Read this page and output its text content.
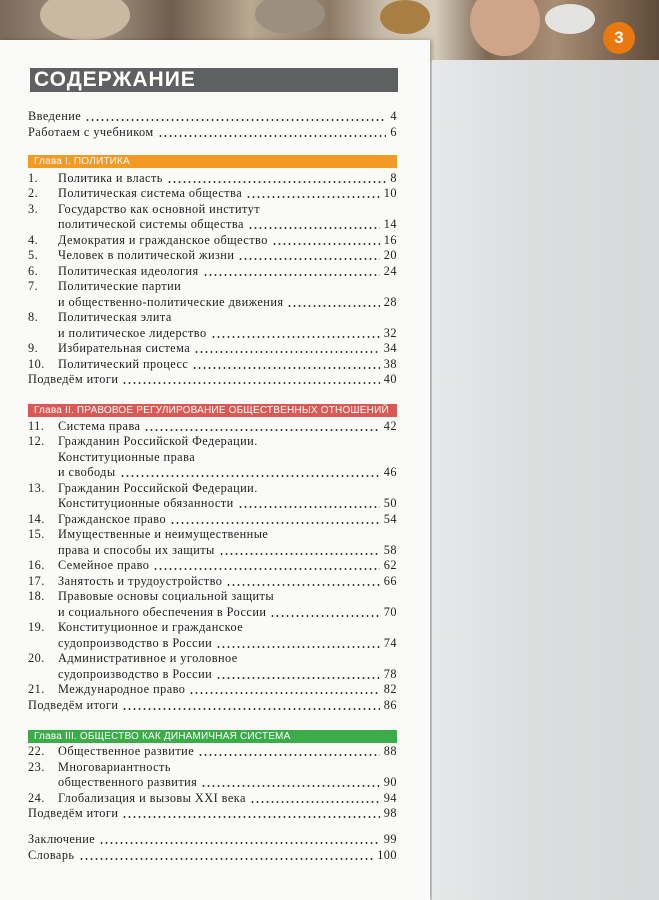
3
СОДЕРЖАНИЕ
Введение	4
Работаем с учебником	6
Глава I. ПОЛИТИКА
1.	Политика и власть	8
2.	Политическая система общества	10
3.	Государство как основной институт
политической системы общества	14
4.	Демократия и гражданское общество	16
5.	Человек в политической жизни	20
6.	Политическая идеология	24
7.	Политические партии
и общественно-политические движения	28
8.	Политическая элита
и политическое лидерство	32
9.	Избирательная система	34
10.	Политический процесс	38
Подведём итоги	40
Глава II. ПРАВОВОЕ РЕГУЛИРОВАНИЕ ОБЩЕСТВЕННЫХ ОТНОШЕНИЙ
11.	Система права	42
12.	Гражданин Российской Федерации.
Конституционные права
и свободы	46
13.	Гражданин Российской Федерации.
Конституционные обязанности	50
14.	Гражданское право	54
15.	Имущественные и неимущественные
права и способы их защиты	58
16.	Семейное право	62
17.	Занятость и трудоустройство	66
18.	Правовые основы социальной защиты
и социального обеспечения в России	70
19.	Конституционное и гражданское
судопроизводство в России	74
20.	Административное и уголовное
судопроизводство в России	78
21.	Международное право	82
Подведём итоги	86
Глава III. ОБЩЕСТВО КАК ДИНАМИЧНАЯ СИСТЕМА
22.	Общественное развитие	88
23.	Многовариантность
общественного развития	90
24.	Глобализация и вызовы XXI века	94
Подведём итоги	98
Заключение	99
Словарь	100
